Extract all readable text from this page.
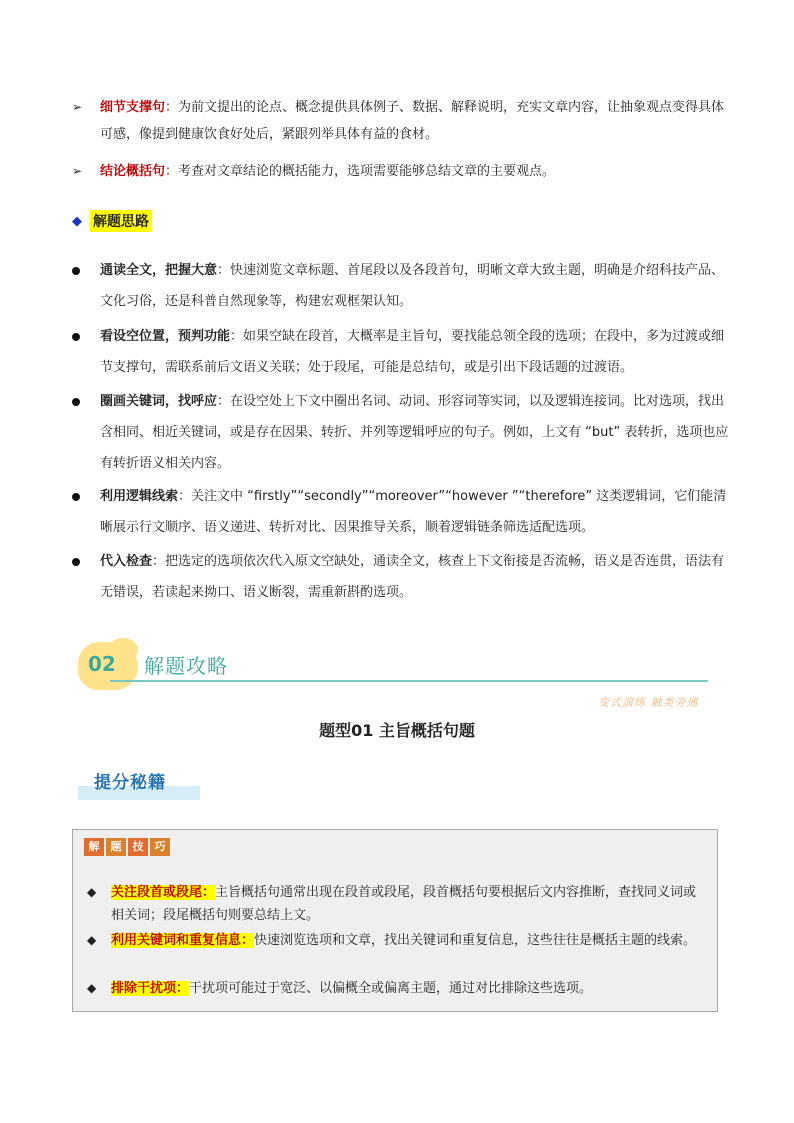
➢ 细节支撑句：为前文提出的论点、概念提供具体例子、数据、解释说明，充实文章内容，让抽象观点变得具体可感，像提到健康饮食好处后，紧跟列举具体有益的食材。
➢ 结论概括句：考查对文章结论的概括能力，选项需要能够总结文章的主要观点。
◆ 解题思路
通读全文，把握大意：快速浏览文章标题、首尾段以及各段首句，明晰文章大致主题，明确是介绍科技产品、文化习俗，还是科普自然现象等，构建宏观框架认知。
看设空位置，预判功能：如果空缺在段首，大概率是主旨句，要找能总领全段的选项；在段中，多为过渡或细节支撑句，需联系前后文语义关联；处于段尾，可能是总结句，或是引出下段话题的过渡语。
圈画关键词，找呼应：在设空处上下文中圈出名词、动词、形容词等实词，以及逻辑连接词。比对选项，找出含相同、相近关键词，或是存在因果、转折、并列等逻辑呼应的句子。例如，上文有 “but” 表转折，选项也应有转折语义相关内容。
利用逻辑线索：关注文中 “firstly”“secondly”“moreover”“however ”“therefore” 这类逻辑词，它们能清晰展示行文顺序、语义递进、转折对比、因果推导关系，顺着逻辑链条筛选适配选项。
代入检查：把选定的选项依次代入原文空缺处，通读全文，核查上下文衔接是否流畅，语义是否连贯，语法有无错误，若读起来拗口、语义断裂，需重新斟酌选项。
02 解题攻略
变式演练 触类旁通
题型01 主旨概括句题
提分秘籍
解	题	技	巧
◆ 关注段首或段尾：主旨概括句通常出现在段首或段尾，段首概括句要根据后文内容推断，查找同义词或相关词；段尾概括句则要总结上文。
◆ 利用关键词和重复信息：快速浏览选项和文章，找出关键词和重复信息，这些往往是概括主题的线索。
◆ 排除干扰项：干扰项可能过于宽泛、以偏概全或偏离主题，通过对比排除这些选项。
